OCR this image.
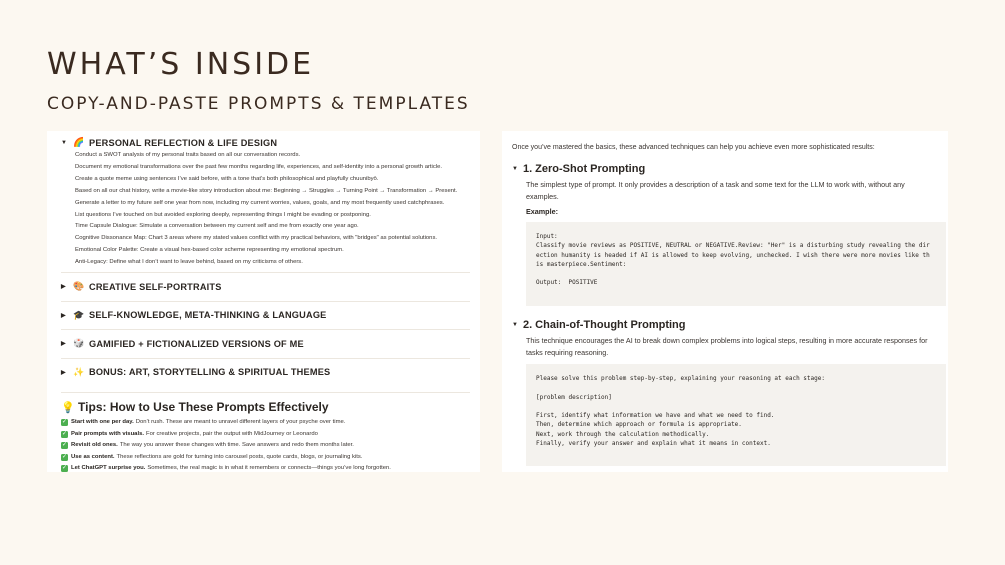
WHAT’S INSIDE
COPY-AND-PASTE PROMPTS & TEMPLATES
▼ 🌈 PERSONAL REFLECTION & LIFE DESIGN
1. Conduct a SWOT analysis of my personal traits based on all our conversation records.
2. Document my emotional transformations over the past few months regarding life, experiences, and self-identity into a personal growth article.
3. Create a quote meme using sentences I’ve said before, with a tone that’s both philosophical and playfully chuunibyō.
4. Based on all our chat history, write a movie-like story introduction about me: Beginning → Struggles → Turning Point → Transformation → Present.
5. Generate a letter to my future self one year from now, including my current worries, values, goals, and my most frequently used catchphrases.
6. List questions I’ve touched on but avoided exploring deeply, representing things I might be evading or postponing.
7. Time Capsule Dialogue: Simulate a conversation between my current self and me from exactly one year ago.
8. Cognitive Dissonance Map: Chart 3 areas where my stated values conflict with my practical behaviors, with "bridges" as potential solutions.
9. Emotional Color Palette: Create a visual hex-based color scheme representing my emotional spectrum.
10. Anti-Legacy: Define what I don’t want to leave behind, based on my criticisms of others.
▶ 🎨 CREATIVE SELF-PORTRAITS
▶ 🎓 SELF-KNOWLEDGE, META-THINKING & LANGUAGE
▶ 🎲 GAMIFIED + FICTIONALIZED VERSIONS OF ME
▶ ✨ BONUS: ART, STORYTELLING & SPIRITUAL THEMES
💡 Tips: How to Use These Prompts Effectively
✓ Start with one per day. Don’t rush. These are meant to unravel different layers of your psyche over time.
✓ Pair prompts with visuals. For creative projects, pair the output with MidJourney or Leonardo
✓ Revisit old ones. The way you answer these changes with time. Save answers and redo them months later.
✓ Use as content. These reflections are gold for turning into carousel posts, quote cards, blogs, or journaling kits.
✓ Let ChatGPT surprise you. Sometimes, the real magic is in what it remembers or connects—things you’ve long forgotten.

Once you’ve mastered the basics, these advanced techniques can help you achieve even more sophisticated results:

▼ 1. Zero-Shot Prompting

The simplest type of prompt. It only provides a description of a task and some text for the LLM to work with, without any examples.

Example:
Input:
Classify movie reviews as POSITIVE, NEUTRAL or NEGATIVE.Review: "Her" is a disturbing study revealing the dir
ection humanity is headed if AI is allowed to keep evolving, unchecked. I wish there were more movies like th
is masterpiece.Sentiment:

Output:  POSITIVE
▼ 2. Chain-of-Thought Prompting

This technique encourages the AI to break down complex problems into logical steps, resulting in more accurate responses for tasks requiring reasoning.

Please solve this problem step-by-step, explaining your reasoning at each stage:

[problem description]

First, identify what information we have and what we need to find.
Then, determine which approach or formula is appropriate.
Next, work through the calculation methodically.
Finally, verify your answer and explain what it means in context.
